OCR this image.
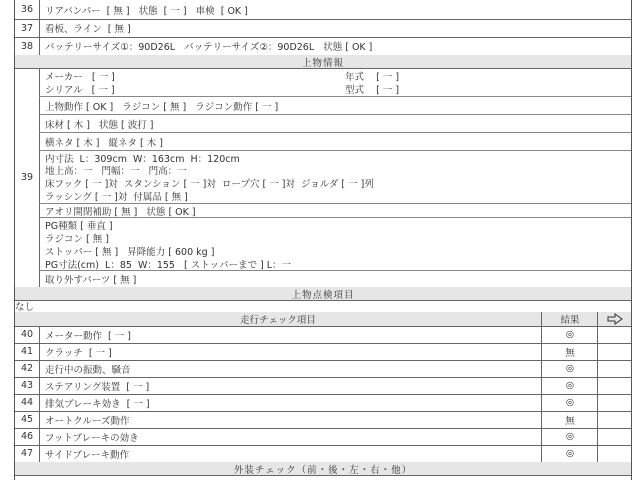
36	リアバンパー  [ 無 ]   状態  [ 一 ]   車検  [ OK ]
37	看板、ライン  [ 無 ]
38	バッテリーサイズ①：90D26L   バッテリーサイズ②：90D26L   状態 [ OK ]
上物情報
39
メーカー   [ 一 ]	年式    [ 一 ]
シリアル   [ 一 ]	型式    [ 一 ]
上物動作 [ OK ]   ラジコン [ 無 ]   ラジコン動作 [ 一 ]
床材 [ 木 ]   状態 [ 波打 ]
横ネタ [ 木 ]   縦ネタ [ 木 ]
内寸法  L：309cm  W：163cm  H：120cm
地上高：一   門幅：一   門高：一
床フック [ 一 ]対  スタンション [ 一 ]対  ロープ穴 [ 一 ]対  ジョルダ [ 一 ]列
ラッシング [ 一 ]対  付属品 [ 無 ]
アオリ開閉補助 [ 無 ]   状態 [ OK ]
PG種類 [ 垂直 ]
ラジコン [ 無 ]
ストッパー [ 無 ]   昇降能力 [ 600 kg ]
PG寸法(cm)  L：85  W：155   [ ストッパーまで ] L：一
取り外すパーツ [ 無 ]
上物点検項目
なし
走行チェック項目	結果
40	メーター動作  [ 一 ]	◎
41	クラッチ  [ 一 ]	無
42	走行中の振動、騒音	◎
43	ステアリング装置  [ 一 ]	◎
44	排気ブレーキ効き  [ 一 ]	◎
45	オートクルーズ動作	無
46	フットブレーキの効き	◎
47	サイドブレーキ動作	◎
外装チェック（前・後・左・右・他）
